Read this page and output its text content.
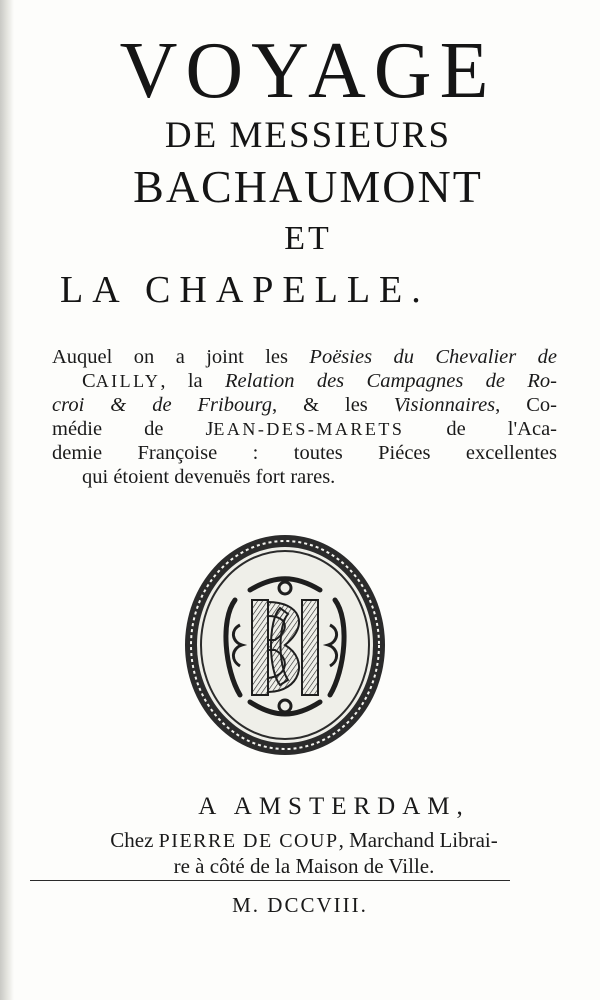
VOYAGE
DE MESSIEURS
BACHAUMONT
ET
LA CHAPELLE.
Auquel on a joint les Poësies du Chevalier de
CAILLY, la Relation des Campagnes de Ro-
croi & de Fribourg, & les Visionnaires, Co-
médie de JEAN-DES-MARETS de l'Aca-
demie Françoise : toutes Piéces excellentes
qui étoient devenuës fort rares.
A AMSTERDAM,
Chez PIERRE DE COUP, Marchand Librai-
re à côté de la Maison de Ville.
M. DCCVIII.
